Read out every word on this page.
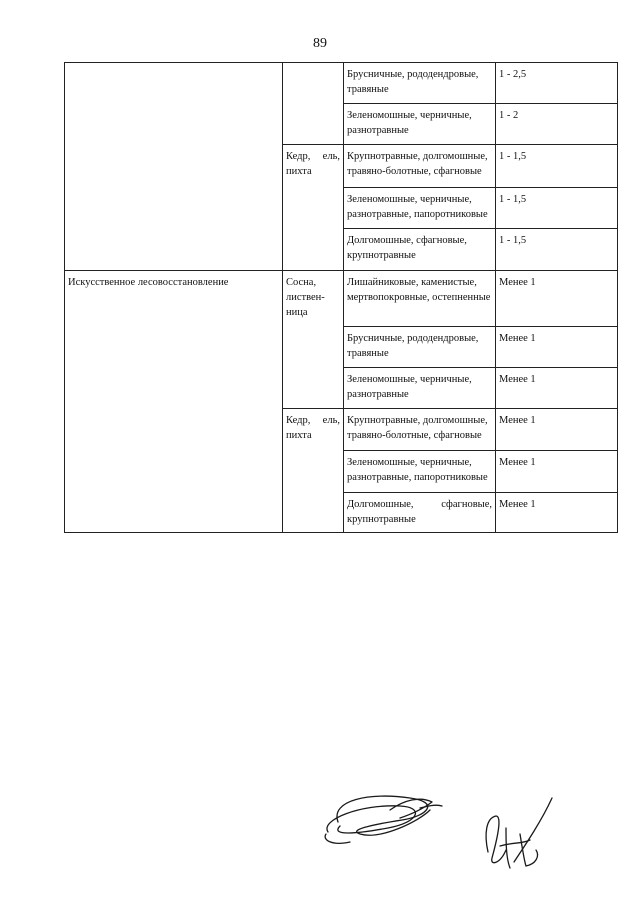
89
		Брусничные, рододендровые, травяные	1 - 2,5
		Зеленомошные, черничные, разнотравные	1 - 2
	Кедр, ель, пихта	Крупнотравные, долгомошные, травяно-болотные, сфагновые	1 - 1,5
		Зеленомошные, черничные, разнотравные, папоротниковые	1 - 1,5
		Долгомошные, сфагновые, крупнотравные	1 - 1,5
Искусственное лесовосстановление	Сосна, листвен-ница	Лишайниковые, каменистые, мертвопокровные, остепненные	Менее 1
		Брусничные, рододендровые, травяные	Менее 1
		Зеленомошные, черничные, разнотравные	Менее 1
	Кедр, ель, пихта	Крупнотравные, долгомошные, травяно-болотные, сфагновые	Менее 1
		Зеленомошные, черничные, разнотравные, папоротниковые	Менее 1
		Долгомошные, сфагновые, крупнотравные	Менее 1
